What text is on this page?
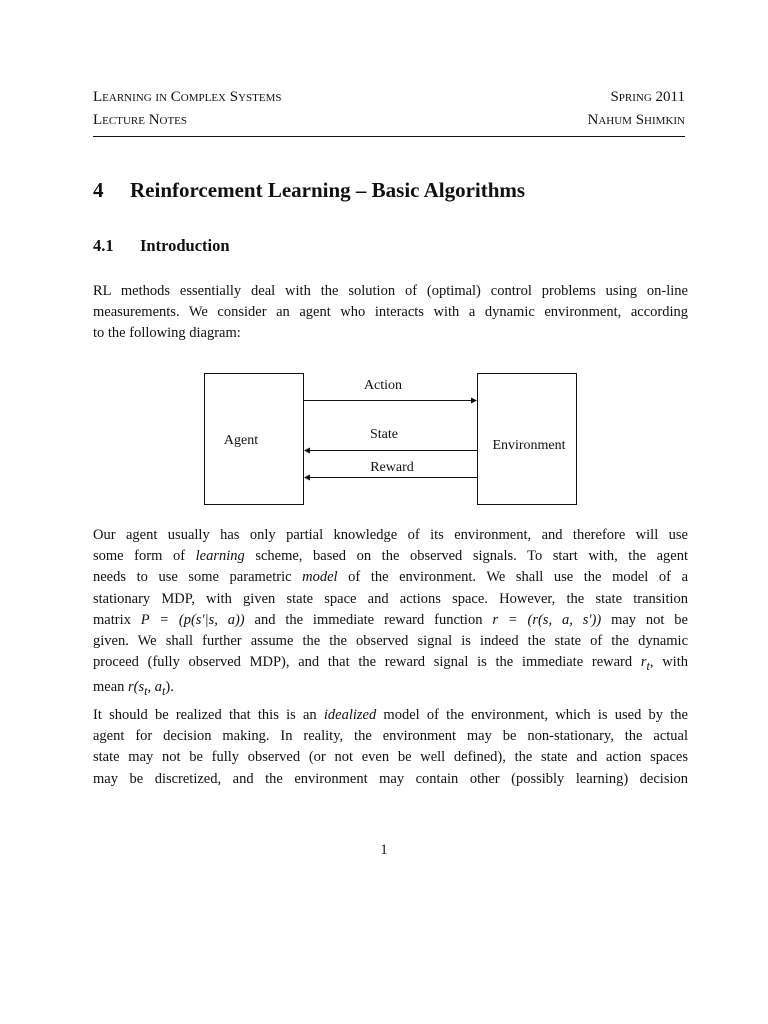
Learning in Complex Systems	Spring 2011
Lecture Notes	Nahum Shimkin
4 Reinforcement Learning – Basic Algorithms
4.1 Introduction

RL methods essentially deal with the solution of (optimal) control problems using on-line
measurements. We consider an agent who interacts with a dynamic environment, according
to the following diagram:

Agent	Environment
Action
State
Reward

Our agent usually has only partial knowledge of its environment, and therefore will use
some form of learning scheme, based on the observed signals. To start with, the agent
needs to use some parametric model of the environment. We shall use the model of a
stationary MDP, with given state space and actions space. However, the state transition
matrix P = (p(s′|s, a)) and the immediate reward function r = (r(s, a, s′)) may not be
given. We shall further assume the the observed signal is indeed the state of the dynamic
proceed (fully observed MDP), and that the reward signal is the immediate reward $r_t$, with
mean $r(s_t$, $a_t$).

It should be realized that this is an idealized model of the environment, which is used by the
agent for decision making. In reality, the environment may be non-stationary, the actual
state may not be fully observed (or not even be well defined), the state and action spaces
may be discretized, and the environment may contain other (possibly learning) decision

1
